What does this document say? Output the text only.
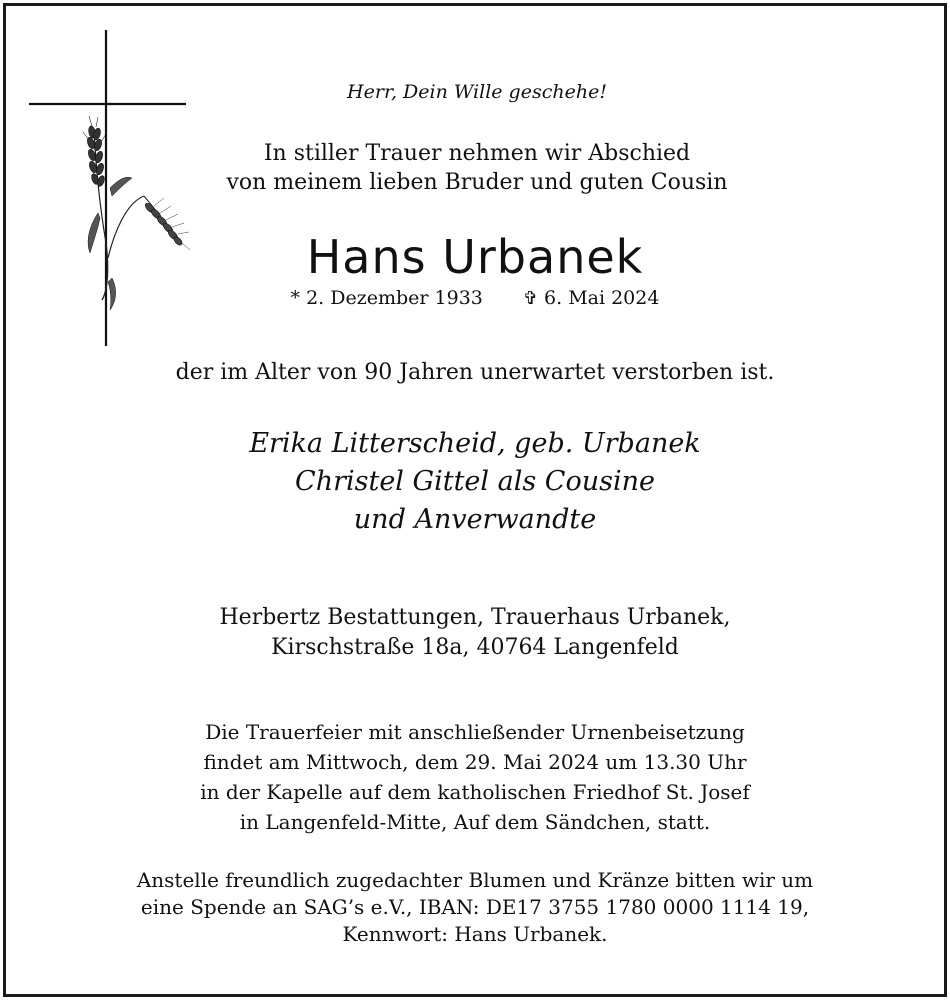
Herr, Dein Wille geschehe!
In stiller Trauer nehmen wir Abschied
von meinem lieben Bruder und guten Cousin
Hans Urbanek
* 2. Dezember 1933 ✞ 6. Mai 2024
der im Alter von 90 Jahren unerwartet verstorben ist.
Erika Litterscheid, geb. Urbanek
Christel Gittel als Cousine
und Anverwandte
Herbertz Bestattungen, Trauerhaus Urbanek,
Kirschstraße 18a, 40764 Langenfeld
Die Trauerfeier mit anschließender Urnenbeisetzung
findet am Mittwoch, dem 29. Mai 2024 um 13.30 Uhr
in der Kapelle auf dem katholischen Friedhof St. Josef
in Langenfeld-Mitte, Auf dem Sändchen, statt.
Anstelle freundlich zugedachter Blumen und Kränze bitten wir um
eine Spende an SAG’s e.V., IBAN: DE17 3755 1780 0000 1114 19,
Kennwort: Hans Urbanek.
